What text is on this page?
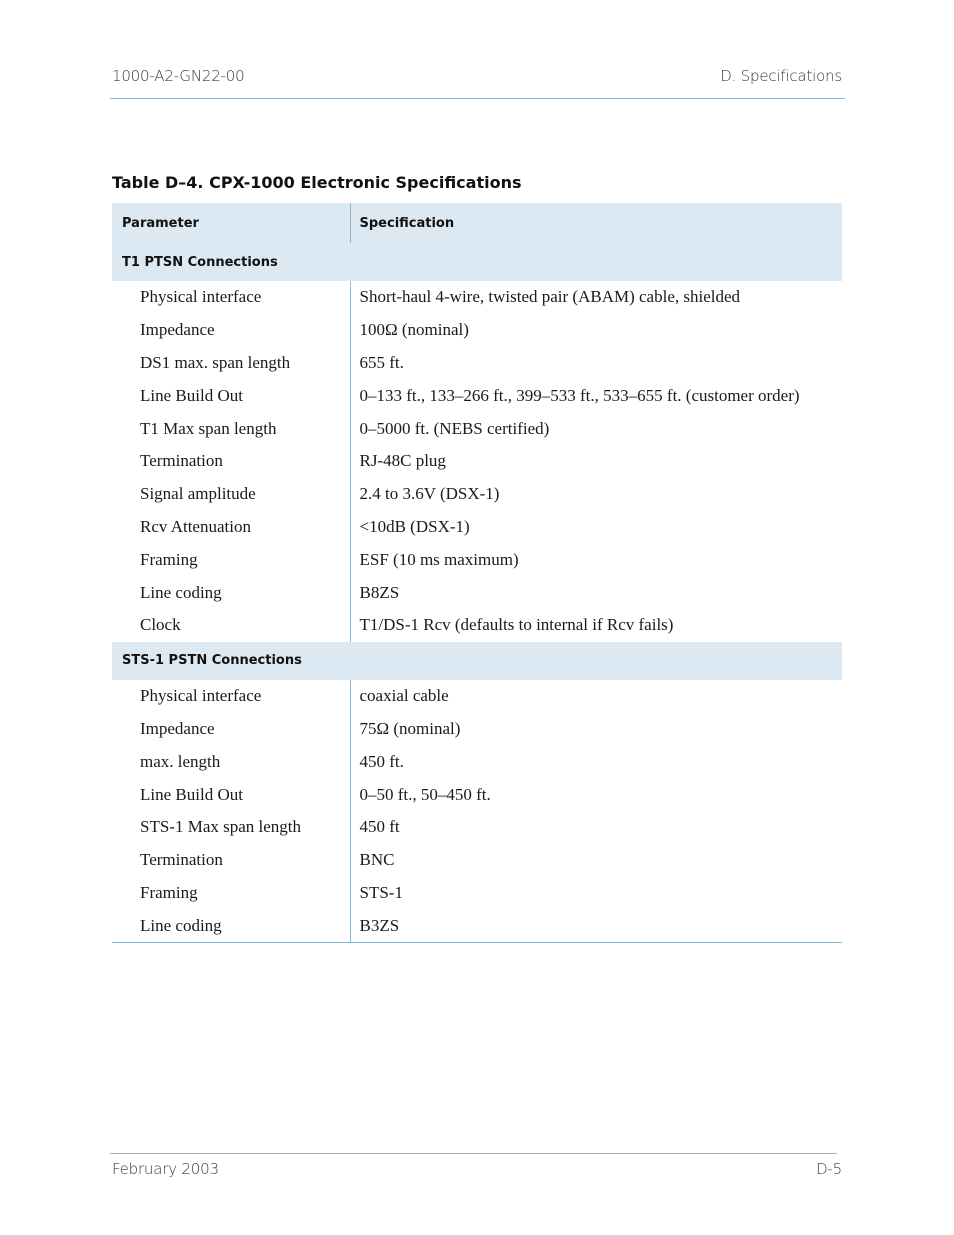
1000-A2-GN22-00	D. Specifications
Table D–4. CPX-1000 Electronic Specifications
Parameter	Specification
T1 PTSN Connections	
Physical interface	Short-haul 4-wire, twisted pair (ABAM) cable, shielded
Impedance	100Ω (nominal)
DS1 max. span length	655 ft.
Line Build Out	0–133 ft., 133–266 ft., 399–533 ft., 533–655 ft. (customer order)
T1 Max span length	0–5000 ft. (NEBS certified)
Termination	RJ-48C plug
Signal amplitude	2.4 to 3.6V (DSX-1)
Rcv Attenuation	<10dB (DSX-1)
Framing	ESF (10 ms maximum)
Line coding	B8ZS
Clock	T1/DS-1 Rcv (defaults to internal if Rcv fails)
STS-1 PSTN Connections	
Physical interface	coaxial cable
Impedance	75Ω (nominal)
max. length	450 ft.
Line Build Out	0–50 ft., 50–450 ft.
STS-1 Max span length	450 ft
Termination	BNC
Framing	STS-1
Line coding	B3ZS
February 2003	D-5
